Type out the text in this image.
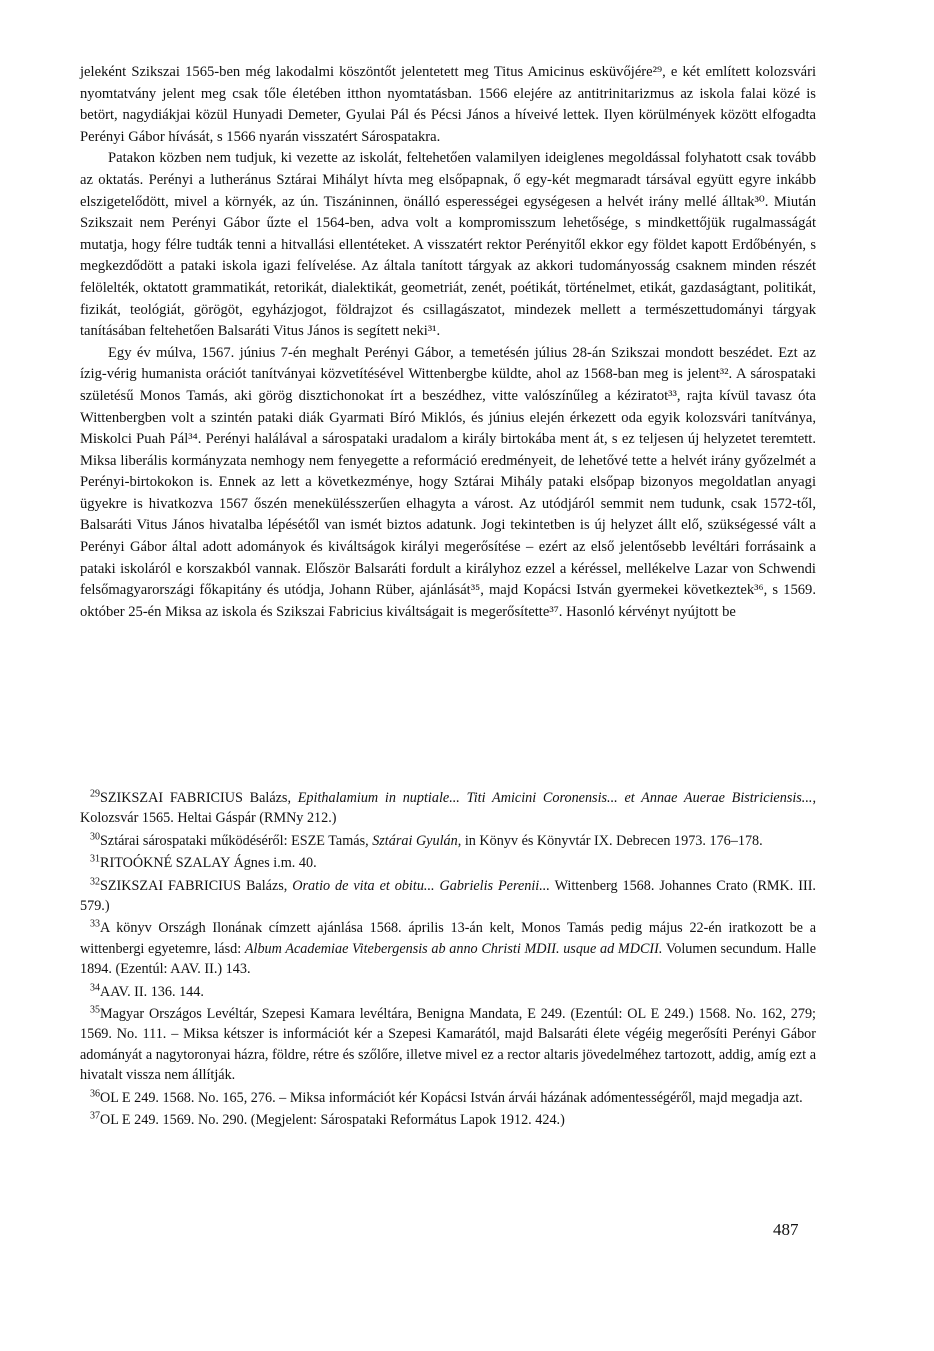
jeleként Szikszai 1565-ben még lakodalmi köszöntőt jelentetett meg Titus Amicinus esküvőjére²⁹, e két említett kolozsvári nyomtatvány jelent meg csak tőle életében itthon nyomtatásban. 1566 elejére az antitrinitarizmus az iskola falai közé is betört, nagydiákjai közül Hunyadi Demeter, Gyulai Pál és Pécsi János a híveivé lettek. Ilyen körülmények között elfogadta Perényi Gábor hívását, s 1566 nyarán visszatért Sárospatakra.

Patakon közben nem tudjuk, ki vezette az iskolát, feltehetően valamilyen ideiglenes megoldással folyhatott csak tovább az oktatás. Perényi a lutheránus Sztárai Mihályt hívta meg elsőpapnak, ő egy-két megmaradt társával együtt egyre inkább elszigetelődött, mivel a környék, az ún. Tiszáninnen, önálló esperességei egységesen a helvét irány mellé álltak³⁰. Miután Szikszait nem Perényi Gábor űzte el 1564-ben, adva volt a kompromisszum lehetősége, s mindkettőjük rugalmasságát mutatja, hogy félre tudták tenni a hitvallási ellentéteket. A visszatért rektor Perényitől ekkor egy földet kapott Erdőbényén, s megkezdődött a pataki iskola igazi felívelése. Az általa tanított tárgyak az akkori tudományosság csaknem minden részét felölelték, oktatott grammatikát, retorikát, dialektikát, geometriát, zenét, poétikát, történelmet, etikát, gazdaságtant, politikát, fizikát, teológiát, görögöt, egyházjogot, földrajzot és csillagászatot, mindezek mellett a természettudományi tárgyak tanításában feltehetően Balsaráti Vitus János is segített neki³¹.

Egy év múlva, 1567. június 7-én meghalt Perényi Gábor, a temetésén július 28-án Szikszai mondott beszédet. Ezt az ízig-vérig humanista orációt tanítványai közvetítésével Wittenbergbe küldte, ahol az 1568-ban meg is jelent³². A sárospataki születésű Monos Tamás, aki görög disztichonokat írt a beszédhez, vitte valószínűleg a kéziratot³³, rajta kívül tavasz óta Wittenbergben volt a szintén pataki diák Gyarmati Bíró Miklós, és június elején érkezett oda egyik kolozsvári tanítványa, Miskolci Puah Pál³⁴. Perényi halálával a sárospataki uradalom a király birtokába ment át, s ez teljesen új helyzetet teremtett. Miksa liberális kormányzata nemhogy nem fenyegette a reformáció eredményeit, de lehetővé tette a helvét irány győzelmét a Perényi-birtokokon is. Ennek az lett a következménye, hogy Sztárai Mihály pataki elsőpap bizonyos megoldatlan anyagi ügyekre is hivatkozva 1567 őszén menekülésszerűen elhagyta a várost. Az utódjáról semmit nem tudunk, csak 1572-től, Balsaráti Vitus János hivatalba lépésétől van ismét biztos adatunk. Jogi tekintetben is új helyzet állt elő, szükségessé vált a Perényi Gábor által adott adományok és kiváltságok királyi megerősítése – ezért az első jelentősebb levéltári forrásaink a pataki iskoláról e korszakból vannak. Először Balsaráti fordult a királyhoz ezzel a kéréssel, mellékelve Lazar von Schwendi felsőmagyarországi főkapitány és utódja, Johann Rüber, ajánlását³⁵, majd Kopácsi István gyermekei következtek³⁶, s 1569. október 25-én Miksa az iskola és Szikszai Fabricius kiváltságait is megerősítette³⁷. Hasonló kérvényt nyújtott be

$^{29}$SZIKSZAI FABRICIUS Balázs, Epithalamium in nuptiale... Titi Amicini Coronensis... et Annae Auerae Bistriciensis..., Kolozsvár 1565. Heltai Gáspár (RMNy 212.)

$^{30}$Sztárai sárospataki működéséről: ESZE Tamás, Sztárai Gyulán, in Könyv és Könyvtár IX. Debrecen 1973. 176–178.

$^{31}$RITOÓKNÉ SZALAY Ágnes i.m. 40.

$^{32}$SZIKSZAI FABRICIUS Balázs, Oratio de vita et obitu... Gabrielis Perenii... Wittenberg 1568. Johannes Crato (RMK. III. 579.)

$^{33}$A könyv Országh Ilonának címzett ajánlása 1568. április 13-án kelt, Monos Tamás pedig május 22-én iratkozott be a wittenbergi egyetemre, lásd: Album Academiae Vitebergensis ab anno Christi MDII. usque ad MDCII. Volumen secundum. Halle 1894. (Ezentúl: AAV. II.) 143.

$^{34}$AAV. II. 136. 144.

$^{35}$Magyar Országos Levéltár, Szepesi Kamara levéltára, Benigna Mandata, E 249. (Ezentúl: OL E 249.) 1568. No. 162, 279; 1569. No. 111. – Miksa kétszer is információt kér a Szepesi Kamarától, majd Balsaráti élete végéig megerősíti Perényi Gábor adományát a nagytoronyai házra, földre, rétre és szőlőre, illetve mivel ez a rector altaris jövedelméhez tartozott, addig, amíg ezt a hivatalt vissza nem állítják.

$^{36}$OL E 249. 1568. No. 165, 276. – Miksa információt kér Kopácsi István árvái házának adómentességéről, majd megadja azt.

$^{37}$OL E 249. 1569. No. 290. (Megjelent: Sárospataki Református Lapok 1912. 424.)

487
